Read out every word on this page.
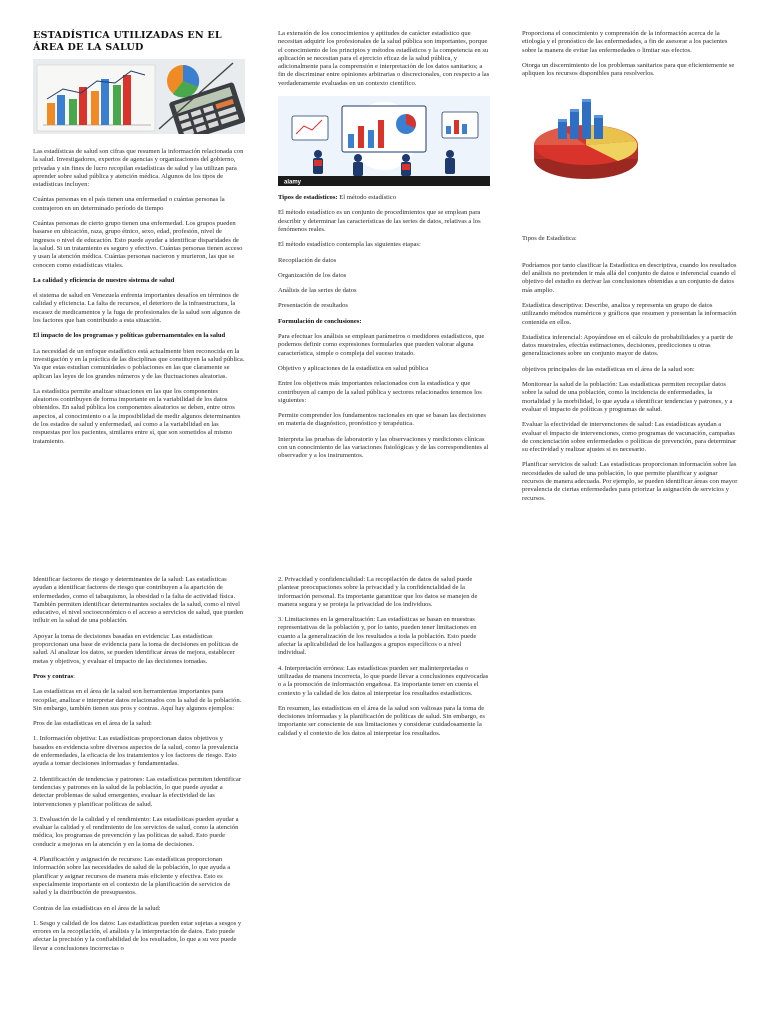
ESTADÍSTICA UTILIZADAS EN EL ÁREA DE LA SALUD

Las estadísticas de salud son cifras que resumen la información relacionada con la salud. Investigadores, expertos de agencias y organizaciones del gobierno, privadas y sin fines de lucro recopilan estadísticas de salud y las utilizan para aprender sobre salud pública y atención médica. Algunos de los tipos de estadísticas incluyen:

Cuántas personas en el país tienen una enfermedad o cuántas personas la contrajeron en un determinado período de tiempo

Cuántas personas de cierto grupo tienen una enfermedad. Los grupos pueden basarse en ubicación, raza, grupo étnico, sexo, edad, profesión, nivel de ingresos o nivel de educación. Esto puede ayudar a identificar disparidades de la salud. Si un tratamiento es seguro y efectivo. Cuántas personas tienen acceso y usan la atención médica. Cuántas personas nacieron y murieron, las que se conocen como estadísticas vitales.

La calidad y eficiencia de nuestro sistema de salud

el sistema de salud en Venezuela enfrenta importantes desafíos en términos de calidad y eficiencia. La falta de recursos, el deterioro de la infraestructura, la escasez de medicamentos y la fuga de profesionales de la salud son algunos de los factores que han contribuido a esta situación.

El impacto de los programas y políticas gubernamentales en la salud

La necesidad de un enfoque estadístico está actualmente bien reconocida en la investigación y en la práctica de las disciplinas que constituyen la salud pública. Ya que estas estudian comunidades o poblaciones en las que claramente se aplican las leyes de los grandes números y de las fluctuaciones aleatorias.

La estadística permite analizar situaciones en las que los componentes aleatorios contribuyen de forma importante en la variabilidad de los datos obtenidos. En salud pública los componentes aleatorios se deben, entre otros aspectos, al conocimiento o a la imposibilidad de medir algunos determinantes de los estados de salud y enfermedad, así como a la variabilidad en las respuestas por los pacientes, similares entre sí, que son sometidos al mismo tratamiento.

La extensión de los conocimientos y aptitudes de carácter estadístico que necesitan adquirir los profesionales de la salud pública son importantes, porque el conocimiento de los principios y métodos estadísticos y la competencia en su aplicación se necesitan para el ejercicio eficaz de la salud pública, y adicionalmente para la comprensión e interpretación de los datos sanitarios; a fin de discriminar entre opiniones arbitrarias o discrecionales, con respecto a las verdaderamente evaluadas en un contexto científico.

alamy

Tipos de estadísticos: El método estadístico

El método estadístico es un conjunto de procedimientos que se emplean para describir y determinar las características de las series de datos, relativas a los fenómenos reales.

El método estadístico contempla las siguientes etapas:

Recopilación de datos

Organización de los datos

Análisis de las series de datos

Presentación de resultados

Formulación de conclusiones:

Para efectuar los análisis se emplean parámetros o medidores estadísticos, que podemos definir como expresiones formularles que pueden valorar alguna característica, simple o compleja del suceso tratado.

Objetivo y aplicaciones de la estadística en salud pública

Entre los objetivos más importantes relacionados con la estadística y que contribuyen al campo de la salud pública y sectores relacionados tenemos los siguientes:

Permite comprender los fundamentos racionales en que se basan las decisiones en materia de diagnóstico, pronóstico y terapéutica.

Interpreta las pruebas de laboratorio y las observaciones y mediciones clínicas con un conocimiento de las variaciones fisiológicas y de las correspondientes al observador y a los instrumentos.

Proporciona el conocimiento y comprensión de la información acerca de la etiología y el pronóstico de las enfermedades, a fin de asesorar a los pacientes sobre la manera de evitar las enfermedades o limitar sus efectos.

Otorga un discernimiento de los problemas sanitarios para que eficientemente se apliquen los recursos disponibles para resolverlos.

Tipos de Estadística:

Podríamos por tanto clasificar la Estadística en descriptiva, cuando los resultados del análisis no pretenden ir más allá del conjunto de datos e inferencial cuando el objetivo del estudio es derivar las conclusiones obtenidas a un conjunto de datos más amplio.

Estadística descriptiva: Describe, analiza y representa un grupo de datos utilizando métodos numéricos y gráficos que resumen y presentan la información contenida en ellos.

Estadística inferencial: Apoyándose en el cálculo de probabilidades y a partir de datos muestrales, efectúa estimaciones, decisiones, predicciones u otras generalizaciones sobre un conjunto mayor de datos.

objetivos principales de las estadísticas en el área de la salud son:

Monitorear la salud de la población: Las estadísticas permiten recopilar datos sobre la salud de una población, como la incidencia de enfermedades, la mortalidad y la morbilidad, lo que ayuda a identificar tendencias y patrones, y a evaluar el impacto de políticas y programas de salud.

Evaluar la efectividad de intervenciones de salud: Las estadísticas ayudan a evaluar el impacto de intervenciones, como programas de vacunación, campañas de concienciación sobre enfermedades o políticas de prevención, para determinar su efectividad y realizar ajustes si es necesario.

Planificar servicios de salud: Las estadísticas proporcionan información sobre las necesidades de salud de una población, lo que permite planificar y asignar recursos de manera adecuada. Por ejemplo, se pueden identificar áreas con mayor prevalencia de ciertas enfermedades para priorizar la asignación de servicios y recursos.

Identificar factores de riesgo y determinantes de la salud: Las estadísticas ayudan a identificar factores de riesgo que contribuyen a la aparición de enfermedades, como el tabaquismo, la obesidad o la falta de actividad física. También permiten identificar determinantes sociales de la salud, como el nivel educativo, el nivel socioeconómico o el acceso a servicios de salud, que pueden influir en la salud de una población.

Apoyar la toma de decisiones basadas en evidencia: Las estadísticas proporcionan una base de evidencia para la toma de decisiones en políticas de salud. Al analizar los datos, se pueden identificar áreas de mejora, establecer metas y objetivos, y evaluar el impacto de las decisiones tomadas.

Pros y contras:

Las estadísticas en el área de la salud son herramientas importantes para recopilar, analizar e interpretar datos relacionados con la salud de la población. Sin embargo, también tienen sus pros y contras. Aquí hay algunos ejemplos:

Pros de las estadísticas en el área de la salud:

1. Información objetiva: Las estadísticas proporcionan datos objetivos y basados en evidencia sobre diversos aspectos de la salud, como la prevalencia de enfermedades, la eficacia de los tratamientos y los factores de riesgo. Esto ayuda a tomar decisiones informadas y fundamentadas.

2. Identificación de tendencias y patrones: Las estadísticas permiten identificar tendencias y patrones en la salud de la población, lo que puede ayudar a detectar problemas de salud emergentes, evaluar la efectividad de las intervenciones y planificar políticas de salud.

3. Evaluación de la calidad y el rendimiento: Las estadísticas pueden ayudar a evaluar la calidad y el rendimiento de los servicios de salud, como la atención médica, los programas de prevención y las políticas de salud. Esto puede conducir a mejoras en la atención y en la toma de decisiones.

4. Planificación y asignación de recursos: Las estadísticas proporcionan información sobre las necesidades de salud de la población, lo que ayuda a planificar y asignar recursos de manera más eficiente y efectiva. Esto es especialmente importante en el contexto de la planificación de servicios de salud y la distribución de presupuestos.

Contras de las estadísticas en el área de la salud:

1. Sesgo y calidad de los datos: Las estadísticas pueden estar sujetas a sesgos y errores en la recopilación, el análisis y la interpretación de datos. Esto puede afectar la precisión y la confiabilidad de los resultados, lo que a su vez puede llevar a conclusiones incorrectas o

2. Privacidad y confidencialidad: La recopilación de datos de salud puede plantear preocupaciones sobre la privacidad y la confidencialidad de la información personal. Es importante garantizar que los datos se manejen de manera segura y se proteja la privacidad de los individuos.

3. Limitaciones en la generalización: Las estadísticas se basan en muestras representativas de la población y, por lo tanto, pueden tener limitaciones en cuanto a la generalización de los resultados a toda la población. Esto puede afectar la aplicabilidad de los hallazgos a grupos específicos o a nivel individual.

4. Interpretación errónea: Las estadísticas pueden ser malinterpretadas o utilizadas de manera incorrecta, lo que puede llevar a conclusiones equivocadas o a la promoción de información engañosa. Es importante tener en cuenta el contexto y la calidad de los datos al interpretar los resultados estadísticos.

En resumen, las estadísticas en el área de la salud son valiosas para la toma de decisiones informadas y la planificación de políticas de salud. Sin embargo, es importante ser consciente de sus limitaciones y considerar cuidadosamente la calidad y el contexto de los datos al interpretar los resultados.
